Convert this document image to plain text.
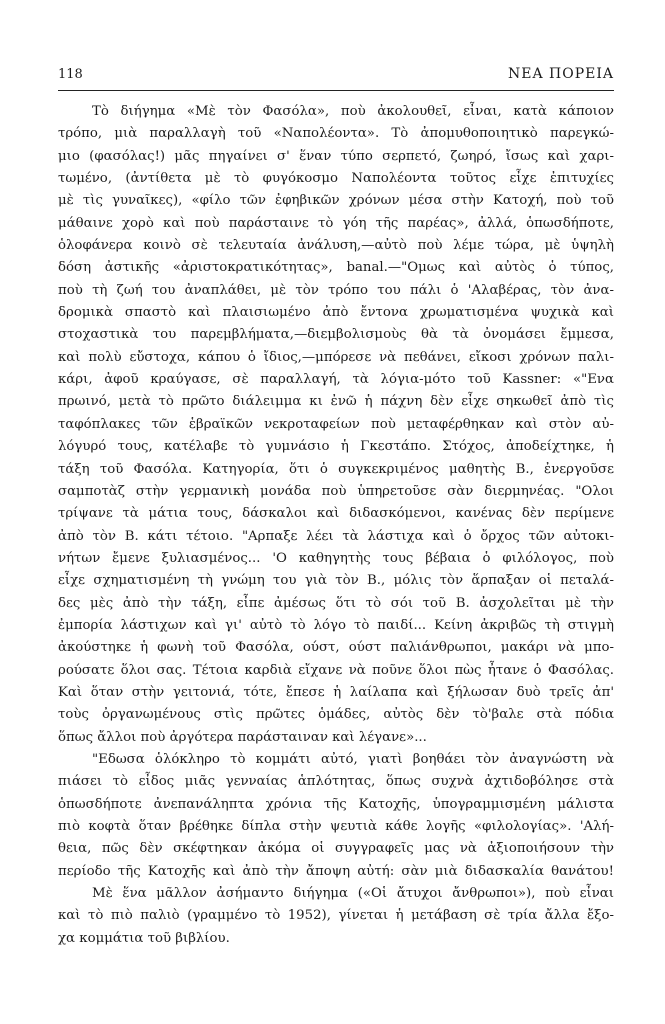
118	ΝΕΑ ΠΟΡΕΙΑ
Τὸ διήγημα «Μὲ τὸν Φασόλα», ποὺ ἀκολουθεῖ, εἶναι, κατὰ κάποιον
τρόπο, μιὰ παραλλαγὴ τοῦ «Ναπολέοντα». Τὸ ἀπομυθοποιητικὸ παρεγκώ-
μιο (φασόλας!) μᾶς πηγαίνει σ' ἕναν τύπο σερπετό, ζωηρό, ἴσως καὶ χαρι-
τωμένο, (ἀντίθετα μὲ τὸ φυγόκοσμο Ναπολέοντα τοῦτος εἶχε ἐπιτυχίες
μὲ τὶς γυναῖκες), «φίλο τῶν ἐφηβικῶν χρόνων μέσα στὴν Κατοχή, ποὺ τοῦ
μάθαινε χορὸ καὶ ποὺ παράσταινε τὸ γόη τῆς παρέας», ἀλλά, ὁπωσδήποτε,
ὁλοφάνερα κοινὸ σὲ τελευταία ἀνάλυση,—αὐτὸ ποὺ λέμε τώρα, μὲ ὑψηλὴ
δόση ἀστικῆς «ἀριστοκρατικότητας», banal.—"Ομως καὶ αὐτὸς ὁ τύπος,
ποὺ τὴ ζωή του ἀναπλάθει, μὲ τὸν τρόπο του πάλι ὁ 'Αλαβέρας, τὸν ἀνα-
δρομικὰ σπαστὸ καὶ πλαισιωμένο ἀπὸ ἔντονα χρωματισμένα ψυχικὰ καὶ
στοχαστικὰ του παρεμβλήματα,—διεμβολισμοὺς θὰ τὰ ὀνομάσει ἔμμεσα,
καὶ πολὺ εὔστοχα, κάπου ὁ ἴδιος,—μπόρεσε νὰ πεθάνει, εἴκοσι χρόνων παλι-
κάρι, ἀφοῦ κραύγασε, σὲ παραλλαγή, τὰ λόγια-μότο τοῦ Kassner: «"Ενα
πρωινό, μετὰ τὸ πρῶτο διάλειμμα κι ἐνῶ ἡ πάχνη δὲν εἶχε σηκωθεῖ ἀπὸ τὶς
ταφόπλακες τῶν ἑβραϊκῶν νεκροταφείων ποὺ μεταφέρθηκαν καὶ στὸν αὐ-
λόγυρό τους, κατέλαβε τὸ γυμνάσιο ἡ Γκεστάπο. Στόχος, ἀποδείχτηκε, ἡ
τάξη τοῦ Φασόλα. Κατηγορία, ὅτι ὁ συγκεκριμένος μαθητὴς Β., ἐνεργοῦσε
σαμποτὰζ στὴν γερμανικὴ μονάδα ποὺ ὑπηρετοῦσε σὰν διερμηνέας. "Ολοι
τρίψανε τὰ μάτια τους, δάσκαλοι καὶ διδασκόμενοι, κανένας δὲν περίμενε
ἀπὸ τὸν Β. κάτι τέτοιο. "Αρπαξε λέει τὰ λάστιχα καὶ ὁ ὄρχος τῶν αὐτοκι-
νήτων ἔμενε ξυλιασμένος... 'Ο καθηγητὴς τους βέβαια ὁ φιλόλογος, ποὺ
εἶχε σχηματισμένη τὴ γνώμη του γιὰ τὸν Β., μόλις τὸν ἅρπαξαν οἱ πεταλά-
δες μὲς ἀπὸ τὴν τάξη, εἶπε ἀμέσως ὅτι τὸ σόι τοῦ Β. ἀσχολεῖται μὲ τὴν
ἐμπορία λάστιχων καὶ γι' αὐτὸ τὸ λόγο τὸ παιδί... Κείνη ἀκριβῶς τὴ στιγμὴ
ἀκούστηκε ἡ φωνὴ τοῦ Φασόλα, ούστ, ούστ παλιάνθρωποι, μακάρι νὰ μπο-
ρούσατε ὅλοι σας. Τέτοια καρδιὰ εἴχανε νὰ ποῦνε ὅλοι πὼς ἦτανε ὁ Φασόλας.
Καὶ ὅταν στὴν γειτονιά, τότε, ἔπεσε ἡ λαίλαπα καὶ ξήλωσαν δυὸ τρεῖς ἀπ'
τοὺς ὀργανωμένους στὶς πρῶτες ὁμάδες, αὐτὸς δὲν τὸ'βαλε στὰ πόδια
ὅπως ἄλλοι ποὺ ἀργότερα παράσταιναν καὶ λέγανε»...
"Εδωσα ὁλόκληρο τὸ κομμάτι αὐτό, γιατὶ βοηθάει τὸν ἀναγνώστη νὰ
πιάσει τὸ εἶδος μιᾶς γενναίας ἁπλότητας, ὅπως συχνὰ ἀχτιδοβόλησε στὰ
ὁπωσδήποτε ἀνεπανάληπτα χρόνια τῆς Κατοχῆς, ὑπογραμμισμένη μάλιστα
πιὸ κοφτὰ ὅταν βρέθηκε δίπλα στὴν ψευτιὰ κάθε λογῆς «φιλολογίας». 'Αλή-
θεια, πῶς δὲν σκέφτηκαν ἀκόμα οἱ συγγραφεῖς μας νὰ ἀξιοποιήσουν τὴν
περίοδο τῆς Κατοχῆς καὶ ἀπὸ τὴν ἄποψη αὐτή: σὰν μιὰ διδασκαλία θανάτου!
Μὲ ἕνα μᾶλλον ἀσήμαντο διήγημα («Οἱ ἄτυχοι ἄνθρωποι»), ποὺ εἶναι
καὶ τὸ πιὸ παλιὸ (γραμμένο τὸ 1952), γίνεται ἡ μετάβαση σὲ τρία ἄλλα ἔξο-
χα κομμάτια τοῦ βιβλίου.
